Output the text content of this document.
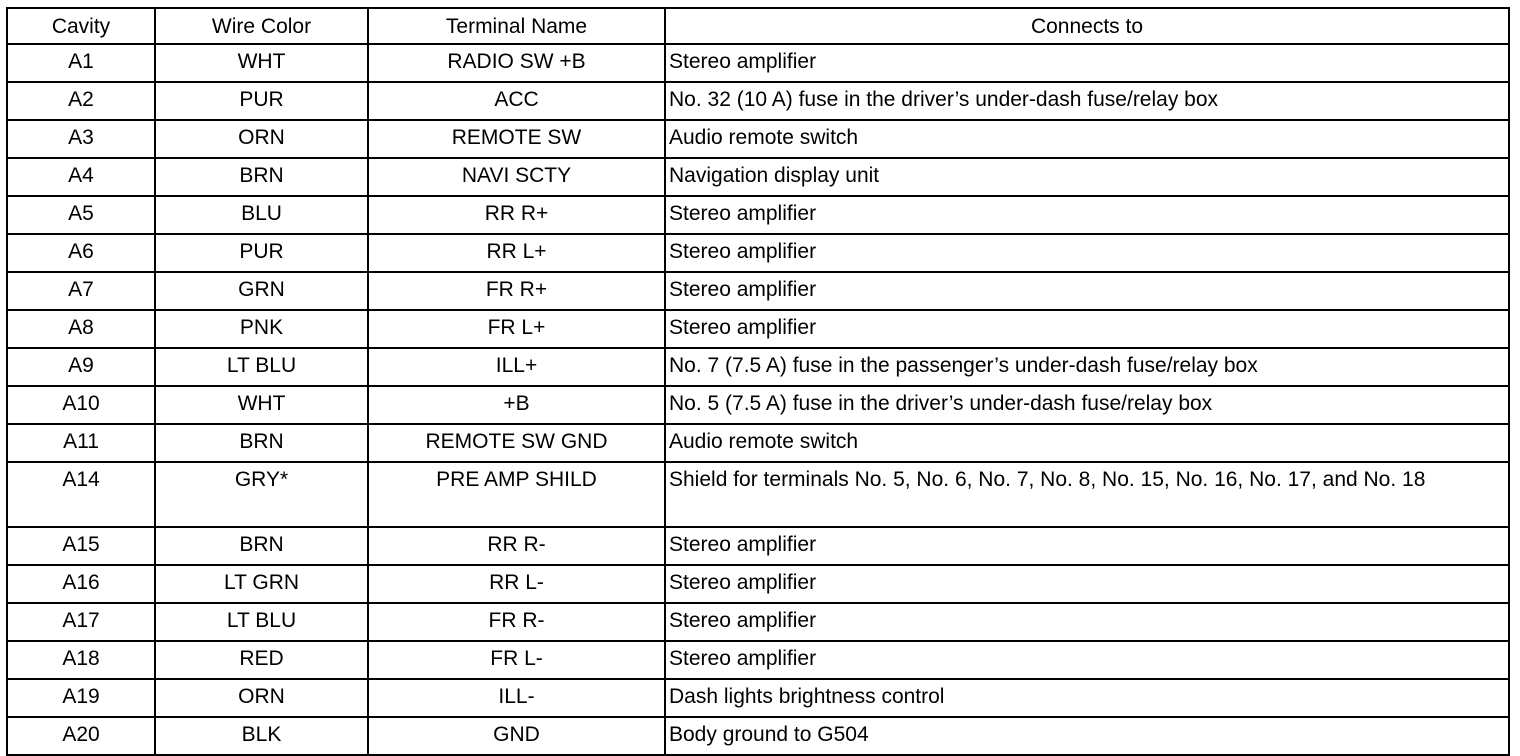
Cavity	Wire Color	Terminal Name	Connects to
A1	WHT	RADIO SW +B	Stereo amplifier
A2	PUR	ACC	No. 32 (10 A) fuse in the driver’s under-dash fuse/relay box
A3	ORN	REMOTE SW	Audio remote switch
A4	BRN	NAVI SCTY	Navigation display unit
A5	BLU	RR R+	Stereo amplifier
A6	PUR	RR L+	Stereo amplifier
A7	GRN	FR R+	Stereo amplifier
A8	PNK	FR L+	Stereo amplifier
A9	LT BLU	ILL+	No. 7 (7.5 A) fuse in the passenger’s under-dash fuse/relay box
A10	WHT	+B	No. 5 (7.5 A) fuse in the driver’s under-dash fuse/relay box
A11	BRN	REMOTE SW GND	Audio remote switch
A14	GRY*	PRE AMP SHILD	Shield for terminals No. 5, No. 6, No. 7, No. 8, No. 15, No. 16, No. 17, and No. 18
A15	BRN	RR R-	Stereo amplifier
A16	LT GRN	RR L-	Stereo amplifier
A17	LT BLU	FR R-	Stereo amplifier
A18	RED	FR L-	Stereo amplifier
A19	ORN	ILL-	Dash lights brightness control
A20	BLK	GND	Body ground to G504
